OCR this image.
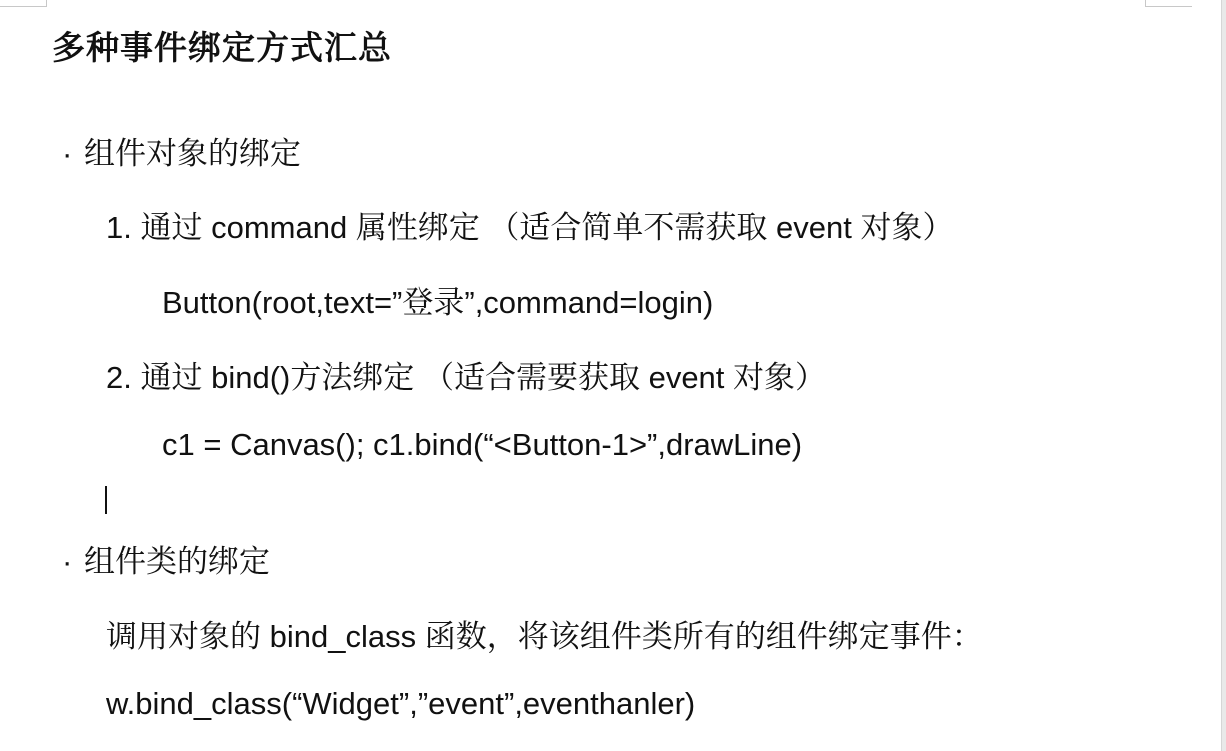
多种事件绑定方式汇总
· 组件对象的绑定
1. 通过 command 属性绑定 （适合简单不需获取 event 对象）
Button(root,text=”登录”,command=login)
2. 通过 bind()方法绑定 （适合需要获取 event 对象）
c1 = Canvas(); c1.bind(“<Button-1>”,drawLine)
· 组件类的绑定
调用对象的 bind_class 函数，将该组件类所有的组件绑定事件：
w.bind_class(“Widget”,”event”,eventhanler)
